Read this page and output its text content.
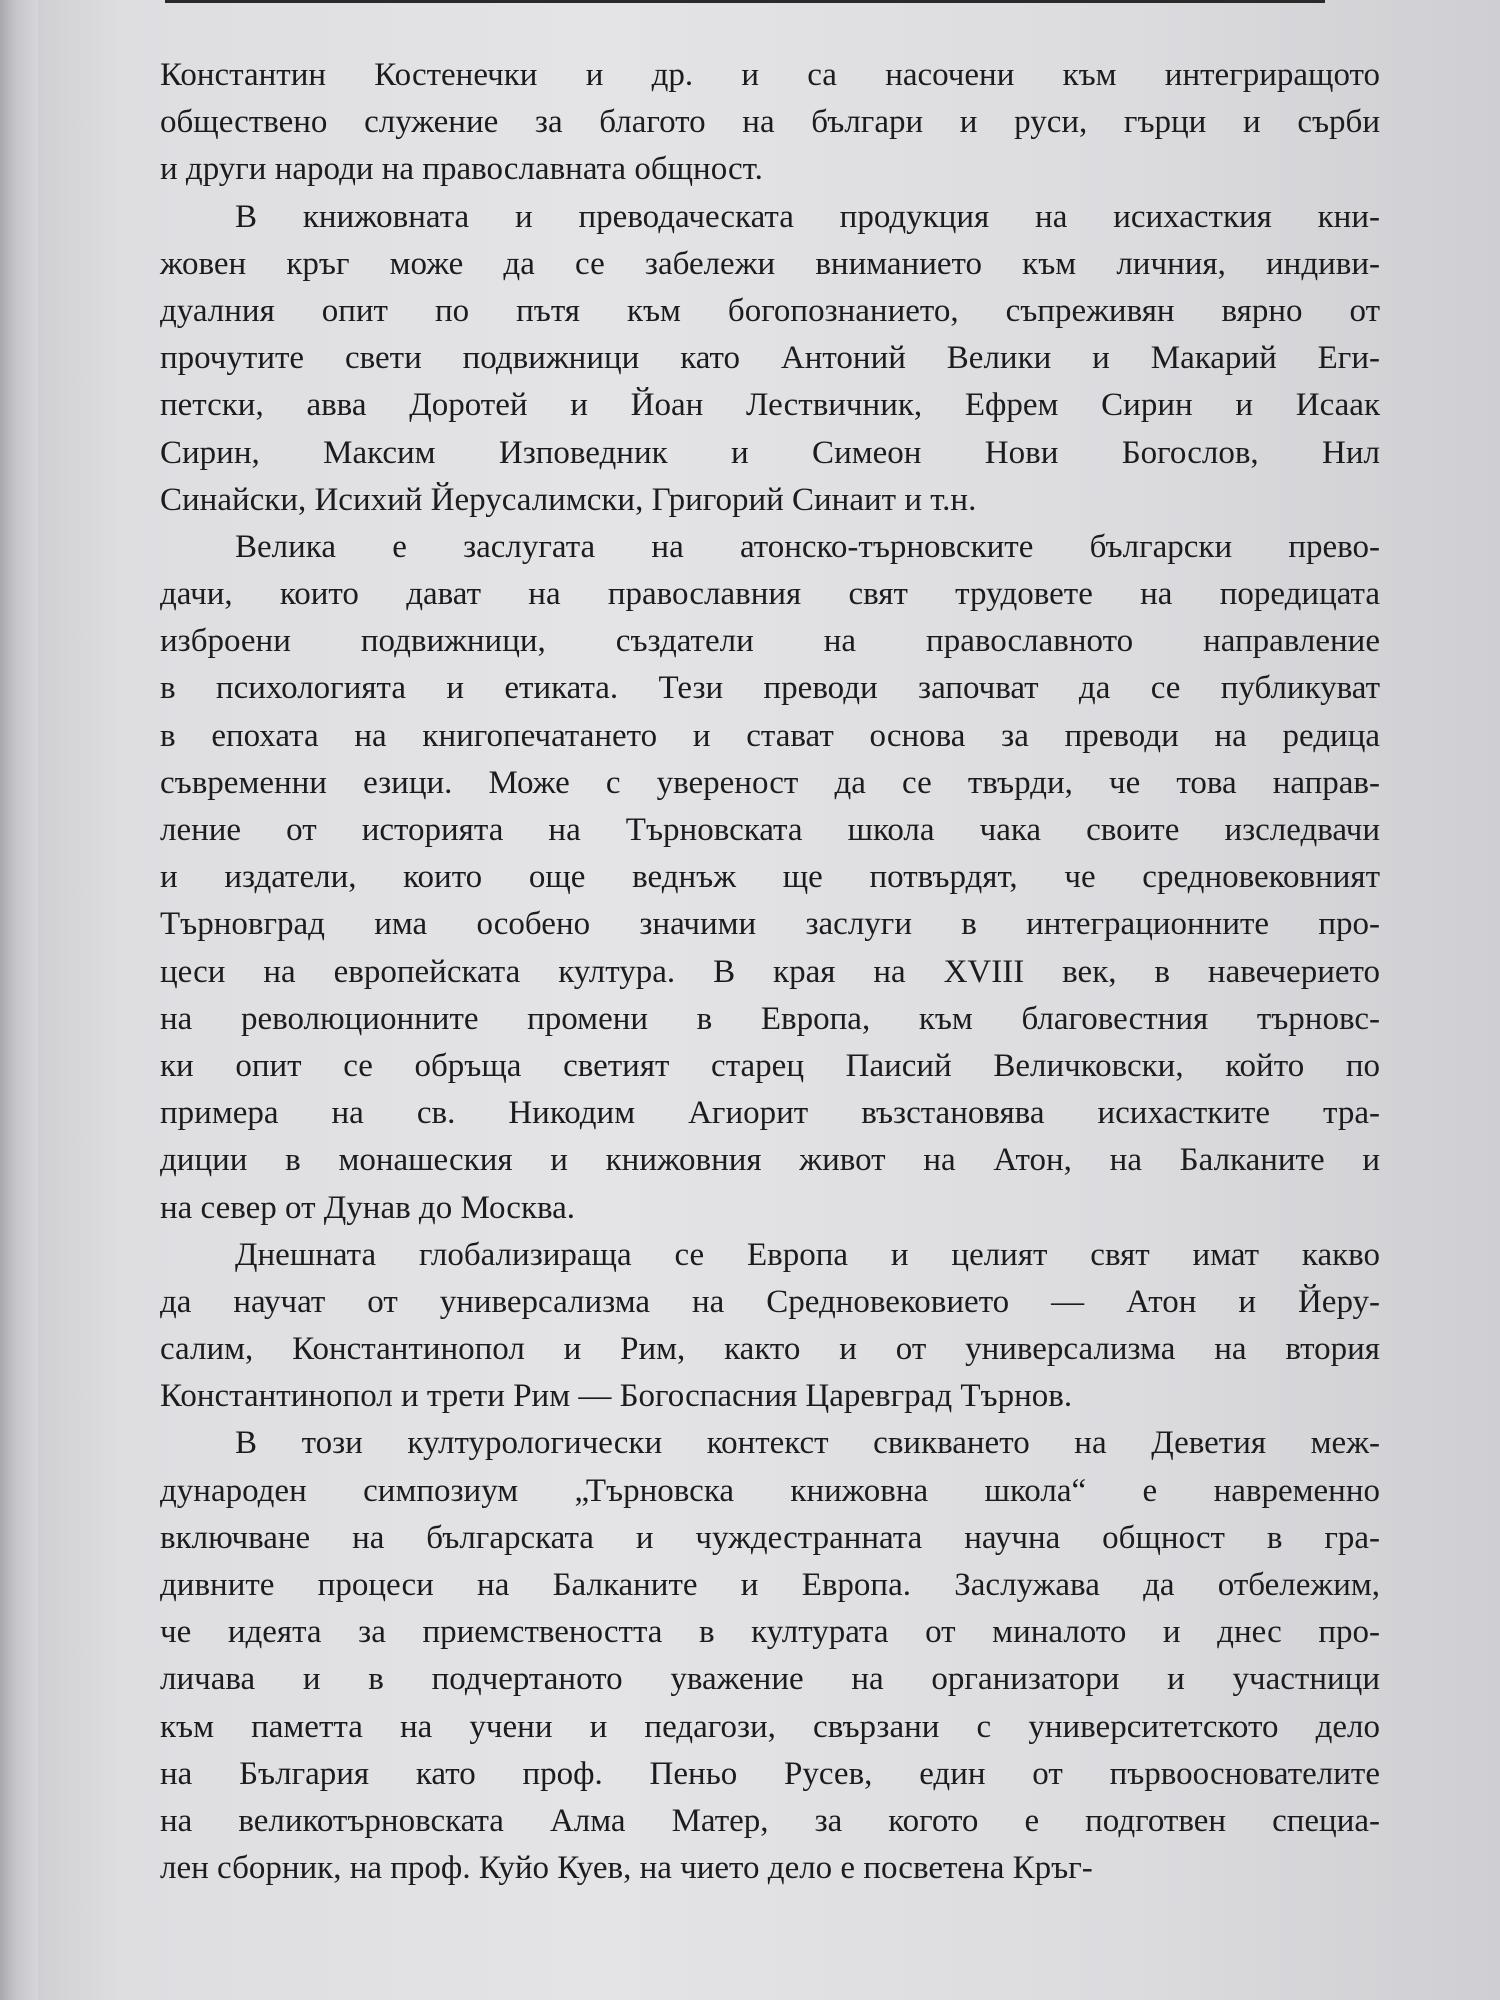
Константин Костенечки и др. и са насочени към интегриращото
обществено служение за благото на българи и руси, гърци и сърби
и други народи на православната общност.
В книжовната и преводаческата продукция на исихасткия кни-
жовен кръг може да се забележи вниманието към личния, индиви-
дуалния опит по пътя към богопознанието, съпреживян вярно от
прочутите свети подвижници като Антоний Велики и Макарий Еги-
петски, авва Доротей и Йоан Лествичник, Ефрем Сирин и Исаак
Сирин, Максим Изповедник и Симеон Нови Богослов, Нил
Синайски, Исихий Йерусалимски, Григорий Синаит и т.н.
Велика е заслугата на атонско-търновските български прево-
дачи, които дават на православния свят трудовете на поредицата
изброени подвижници, създатели на православното направление
в психологията и етиката. Тези преводи започват да се публикуват
в епохата на книгопечатането и стават основа за преводи на редица
съвременни езици. Може с увереност да се твърди, че това направ-
ление от историята на Търновската школа чака своите изследвачи
и издатели, които още веднъж ще потвърдят, че средновековният
Търновград има особено значими заслуги в интеграционните про-
цеси на европейската култура. В края на XVIII век, в навечерието
на революционните промени в Европа, към благовестния търновс-
ки опит се обръща светият старец Паисий Величковски, който по
примера на св. Никодим Агиорит възстановява исихастките тра-
диции в монашеския и книжовния живот на Атон, на Балканите и
на север от Дунав до Москва.
Днешната глобализираща се Европа и целият свят имат какво
да научат от универсализма на Средновековието — Атон и Йеру-
салим, Константинопол и Рим, както и от универсализма на втория
Константинопол и трети Рим — Богоспасния Царевград Търнов.
В този културологически контекст свикването на Деветия меж-
дународен симпозиум „Търновска книжовна школа“ е навременно
включване на българската и чуждестранната научна общност в гра-
дивните процеси на Балканите и Европа. Заслужава да отбележим,
че идеята за приемствеността в културата от миналото и днес про-
личава и в подчертаното уважение на организатори и участници
към паметта на учени и педагози, свързани с университетското дело
на България като проф. Пеньо Русев, един от първооснователите
на великотърновската Алма Матер, за когото е подготвен специа-
лен сборник, на проф. Куйо Куев, на чието дело е посветена Кръг-
